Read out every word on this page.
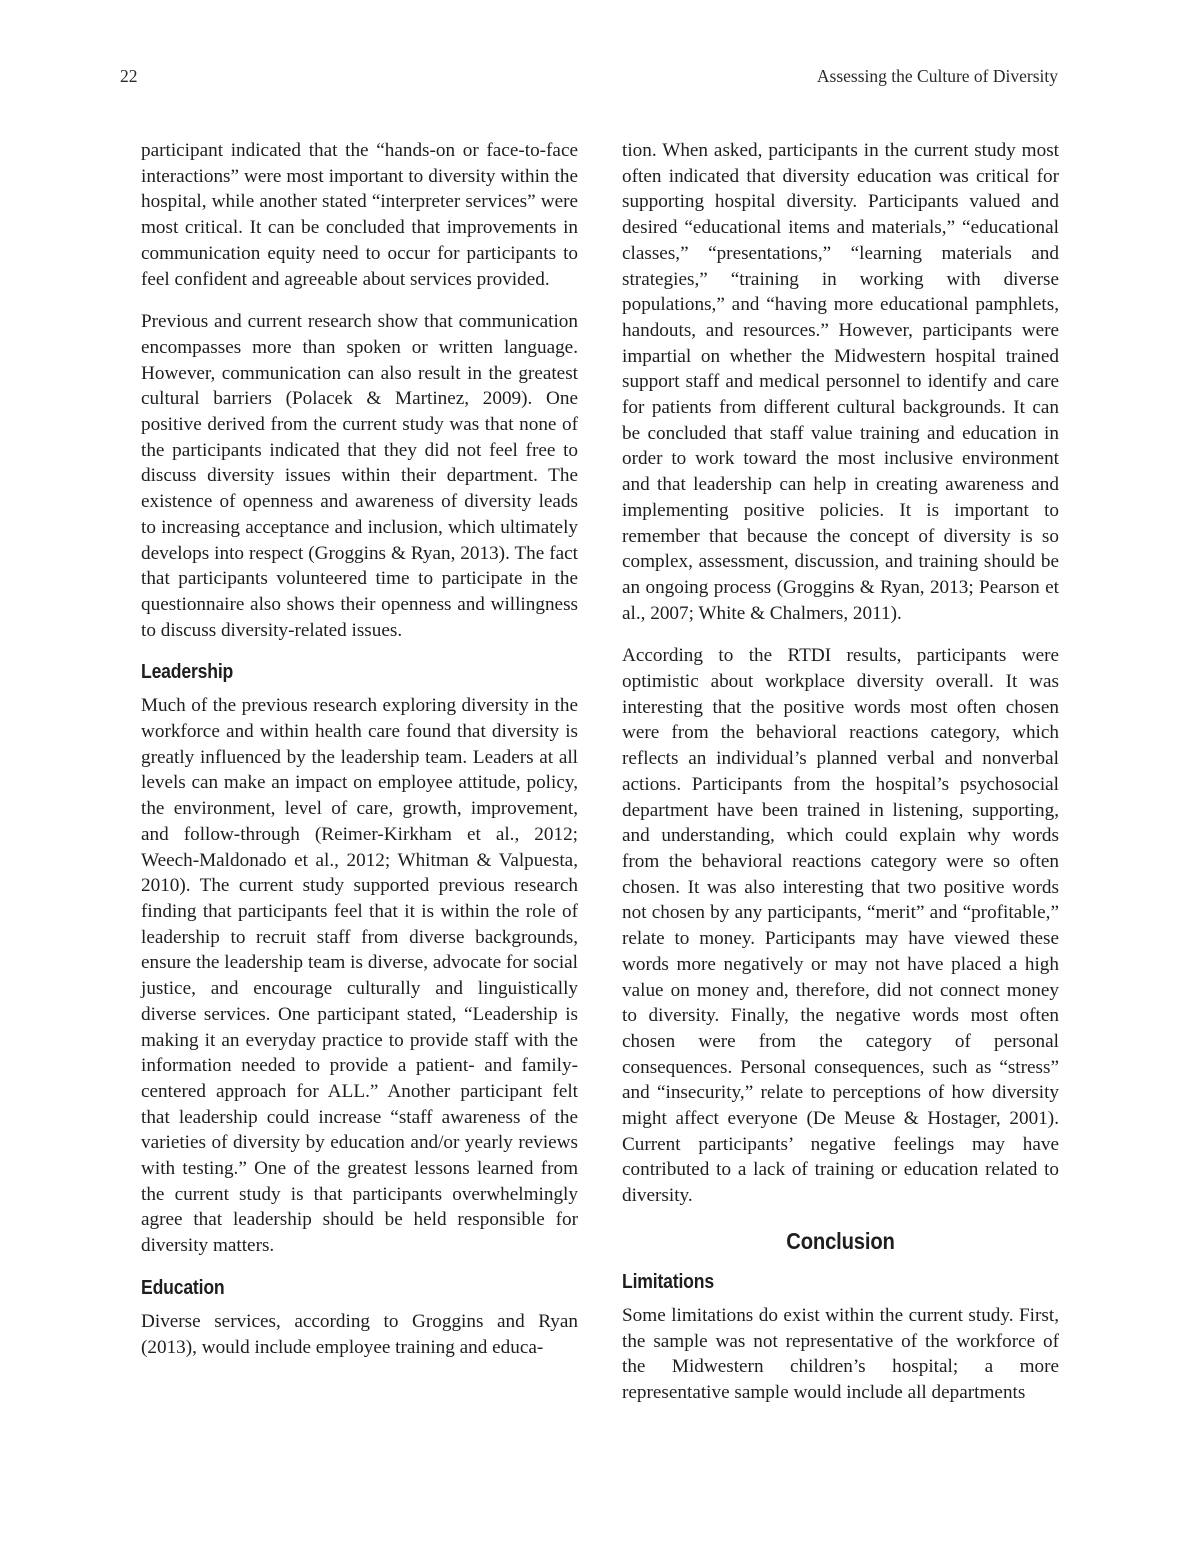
22	Assessing the Culture of Diversity

participant indicated that the “hands-on or face-to-face interactions” were most important to diversity within the hospital, while another stated “interpreter services” were most critical. It can be concluded that improvements in communication equity need to occur for participants to feel confident and agreeable about services provided.

Previous and current research show that communication encompasses more than spoken or written language. However, communication can also result in the greatest cultural barriers (Polacek & Martinez, 2009). One positive derived from the current study was that none of the participants indicated that they did not feel free to discuss diversity issues within their department. The existence of openness and awareness of diversity leads to increasing acceptance and inclusion, which ultimately develops into respect (Groggins & Ryan, 2013). The fact that participants volunteered time to participate in the questionnaire also shows their openness and willingness to discuss diversity-related issues.

Leadership

Much of the previous research exploring diversity in the workforce and within health care found that diversity is greatly influenced by the leadership team. Leaders at all levels can make an impact on employee attitude, policy, the environment, level of care, growth, improvement, and follow-through (Reimer-Kirkham et al., 2012; Weech-Maldonado et al., 2012; Whitman & Valpuesta, 2010). The current study supported previous research finding that participants feel that it is within the role of leadership to recruit staff from diverse backgrounds, ensure the leadership team is diverse, advocate for social justice, and encourage culturally and linguistically diverse services. One participant stated, “Leadership is making it an everyday practice to provide staff with the information needed to provide a patient- and family-centered approach for ALL.” Another participant felt that leadership could increase “staff awareness of the varieties of diversity by education and/or yearly reviews with testing.” One of the greatest lessons learned from the current study is that participants overwhelmingly agree that leadership should be held responsible for diversity matters.

Education

Diverse services, according to Groggins and Ryan (2013), would include employee training and educa-

tion. When asked, participants in the current study most often indicated that diversity education was critical for supporting hospital diversity. Participants valued and desired “educational items and materials,” “educational classes,” “presentations,” “learning materials and strategies,” “training in working with diverse populations,” and “having more educational pamphlets, handouts, and resources.” However, participants were impartial on whether the Midwestern hospital trained support staff and medical personnel to identify and care for patients from different cultural backgrounds. It can be concluded that staff value training and education in order to work toward the most inclusive environment and that leadership can help in creating awareness and implementing positive policies. It is important to remember that because the concept of diversity is so complex, assessment, discussion, and training should be an ongoing process (Groggins & Ryan, 2013; Pearson et al., 2007; White & Chalmers, 2011).

According to the RTDI results, participants were optimistic about workplace diversity overall. It was interesting that the positive words most often chosen were from the behavioral reactions category, which reflects an individual’s planned verbal and nonverbal actions. Participants from the hospital’s psychosocial department have been trained in listening, supporting, and understanding, which could explain why words from the behavioral reactions category were so often chosen. It was also interesting that two positive words not chosen by any participants, “merit” and “profitable,” relate to money. Participants may have viewed these words more negatively or may not have placed a high value on money and, therefore, did not connect money to diversity. Finally, the negative words most often chosen were from the category of personal consequences. Personal consequences, such as “stress” and “insecurity,” relate to perceptions of how diversity might affect everyone (De Meuse & Hostager, 2001). Current participants’ negative feelings may have contributed to a lack of training or education related to diversity.

Conclusion
Limitations

Some limitations do exist within the current study. First, the sample was not representative of the workforce of the Midwestern children’s hospital; a more representative sample would include all departments
